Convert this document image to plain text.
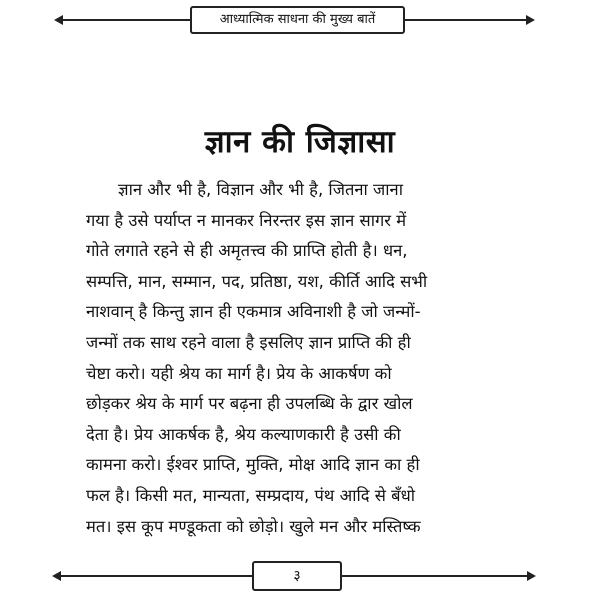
आध्यात्मिक साधना की मुख्य बातें
ज्ञान की जिज्ञासा
ज्ञान और भी है, विज्ञान और भी है, जितना जाना
गया है उसे पर्याप्त न मानकर निरन्तर इस ज्ञान सागर में
गोते लगाते रहने से ही अमृतत्त्व की प्राप्ति होती है। धन,
सम्पत्ति, मान, सम्मान, पद, प्रतिष्ठा, यश, कीर्ति आदि सभी
नाशवान् है किन्तु ज्ञान ही एकमात्र अविनाशी है जो जन्मों-
जन्मों तक साथ रहने वाला है इसलिए ज्ञान प्राप्ति की ही
चेष्टा करो। यही श्रेय का मार्ग है। प्रेय के आकर्षण को
छोड़कर श्रेय के मार्ग पर बढ़ना ही उपलब्धि के द्वार खोल
देता है। प्रेय आकर्षक है, श्रेय कल्याणकारी है उसी की
कामना करो। ईश्वर प्राप्ति, मुक्ति, मोक्ष आदि ज्ञान का ही
फल है। किसी मत, मान्यता, सम्प्रदाय, पंथ आदि से बँधो
मत। इस कूप मण्डूकता को छोड़ो। खुले मन और मस्तिष्क
३
